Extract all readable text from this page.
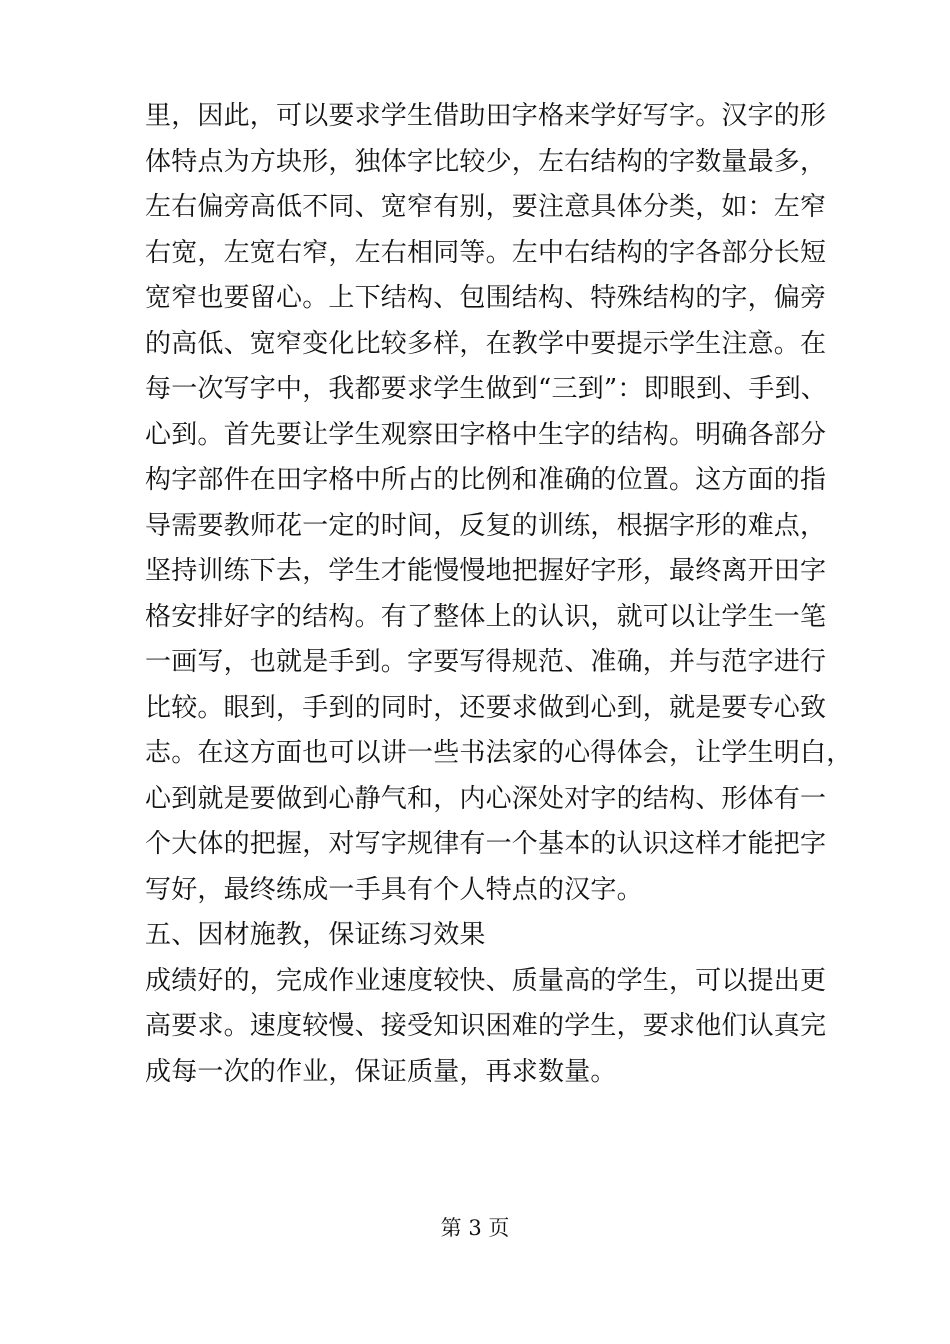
里，因此，可以要求学生借助田字格来学好写字。汉字的形
体特点为方块形，独体字比较少，左右结构的字数量最多，
左右偏旁高低不同、宽窄有别，要注意具体分类，如：左窄
右宽，左宽右窄，左右相同等。左中右结构的字各部分长短
宽窄也要留心。上下结构、包围结构、特殊结构的字，偏旁
的高低、宽窄变化比较多样，在教学中要提示学生注意。在
每一次写字中，我都要求学生做到“三到”：即眼到、手到、
心到。首先要让学生观察田字格中生字的结构。明确各部分
构字部件在田字格中所占的比例和准确的位置。这方面的指
导需要教师花一定的时间，反复的训练，根据字形的难点，
坚持训练下去，学生才能慢慢地把握好字形，最终离开田字
格安排好字的结构。有了整体上的认识，就可以让学生一笔
一画写，也就是手到。字要写得规范、准确，并与范字进行
比较。眼到，手到的同时，还要求做到心到，就是要专心致
志。在这方面也可以讲一些书法家的心得体会，让学生明白，
心到就是要做到心静气和，内心深处对字的结构、形体有一
个大体的把握，对写字规律有一个基本的认识这样才能把字
写好，最终练成一手具有个人特点的汉字。
五、因材施教，保证练习效果
成绩好的，完成作业速度较快、质量高的学生，可以提出更
高要求。速度较慢、接受知识困难的学生，要求他们认真完
成每一次的作业，保证质量，再求数量。
第 3 页
